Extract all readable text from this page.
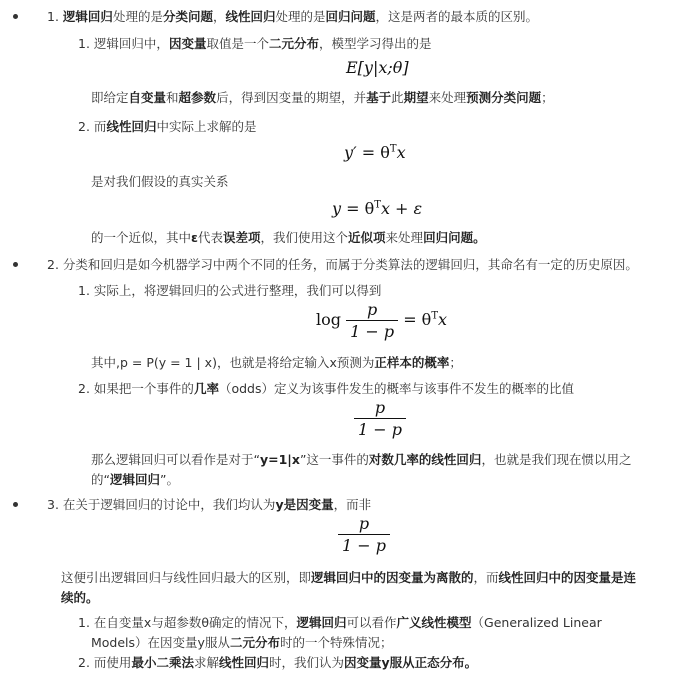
1. 逻辑回归处理的是分类问题，线性回归处理的是回归问题，这是两者的最本质的区别。
1. 逻辑回归中，因变量取值是一个二元分布，模型学习得出的是
E[y|x;θ]
即给定自变量和超参数后，得到因变量的期望，并基于此期望来处理预测分类问题；
2. 而线性回归中实际上求解的是
$y' = \theta^Tx$
是对我们假设的真实关系
$y = \theta^Tx + \varepsilon$
的一个近似，其中ε代表误差项，我们使用这个近似项来处理回归问题。
2. 分类和回归是如今机器学习中两个不同的任务，而属于分类算法的逻辑回归，其命名有一定的历史原因。
1. 实际上，将逻辑回归的公式进行整理，我们可以得到
$\log \frac{p}{1 - p} = \theta^Tx$
其中,p = P(y = 1 | x)，也就是将给定输入x预测为正样本的概率；
2. 如果把一个事件的几率（odds）定义为该事件发生的概率与该事件不发生的概率的比值
$\frac{p}{1 - p}$
那么逻辑回归可以看作是对于“y=1|x”这一事件的对数几率的线性回归，也就是我们现在惯以用之
的“逻辑回归”。
3. 在关于逻辑回归的讨论中，我们均认为y是因变量，而非
$\frac{p}{1 - p}$
这便引出逻辑回归与线性回归最大的区别，即逻辑回归中的因变量为离散的，而线性回归中的因变量是连
续的。
1. 在自变量x与超参数θ确定的情况下，逻辑回归可以看作广义线性模型（Generalized Linear
Models）在因变量y服从二元分布时的一个特殊情况；
2. 而使用最小二乘法求解线性回归时，我们认为因变量y服从正态分布。
